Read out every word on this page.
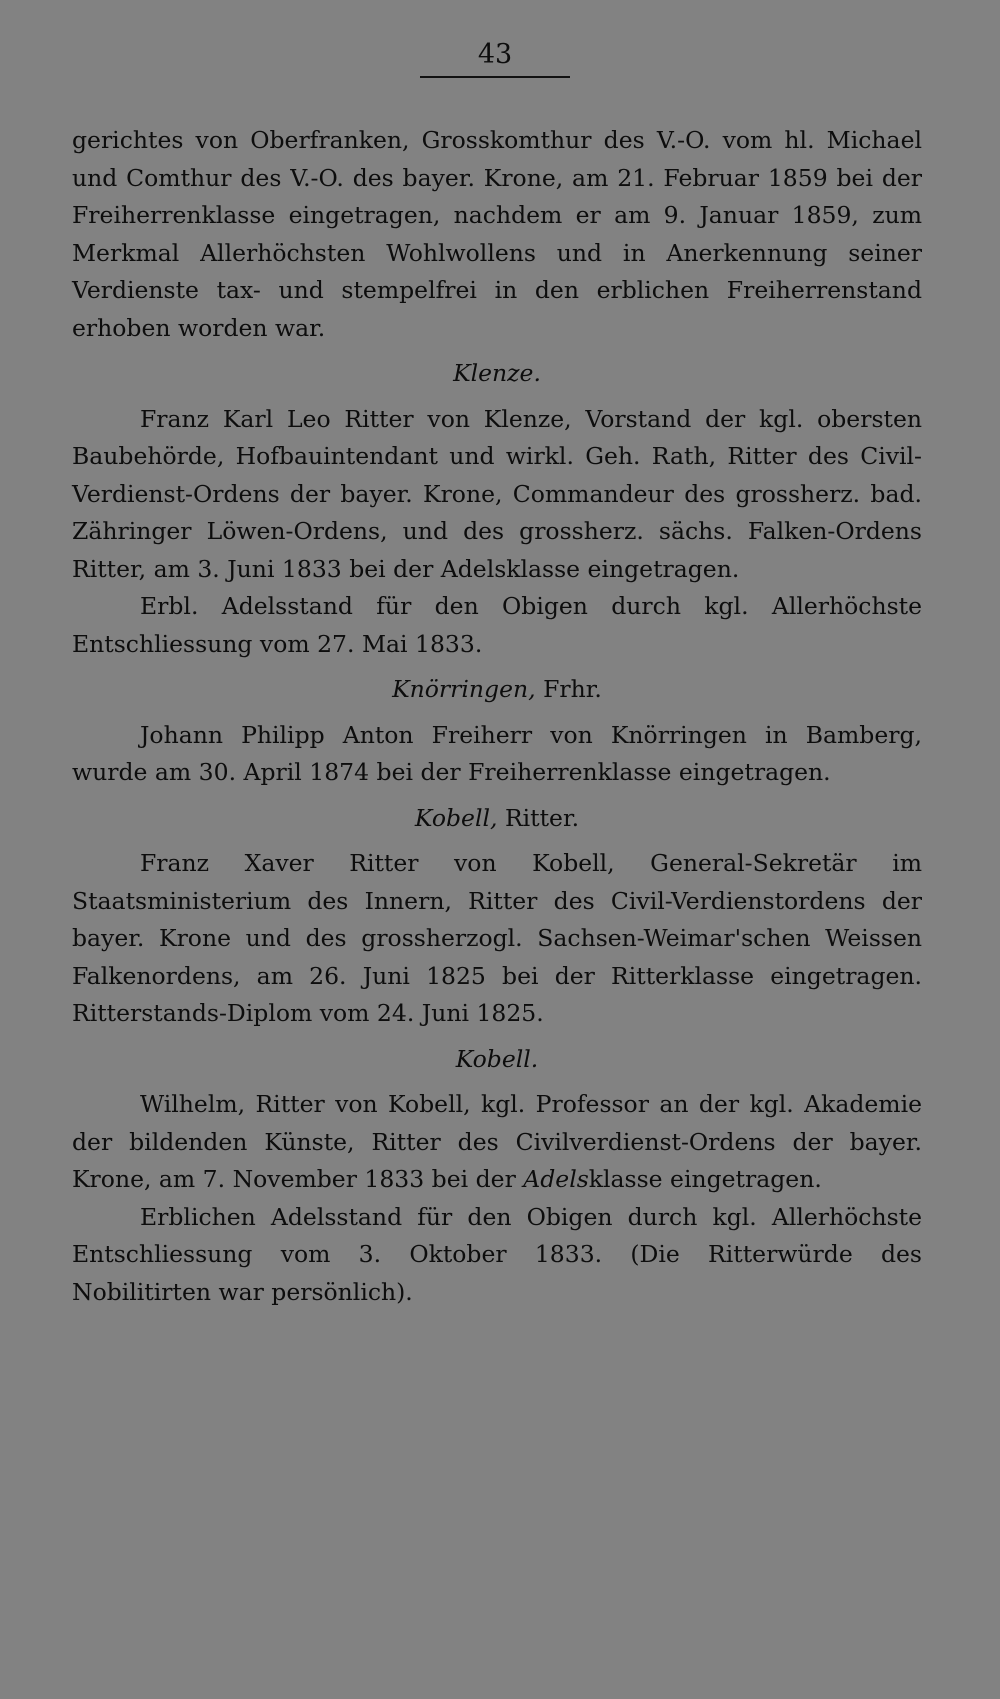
43

gerichtes von Oberfranken, Grosskomthur des V.-O. vom hl. Michael und Comthur des V.-O. des bayer. Krone, am 21. Februar 1859 bei der Freiherrenklasse eingetragen, nachdem er am 9. Januar 1859, zum Merkmal Allerhöchsten Wohlwollens und in Anerkennung seiner Verdienste tax- und stempelfrei in den erblichen Freiherrenstand erhoben worden war.

Klenze.

Franz Karl Leo Ritter von Klenze, Vorstand der kgl. obersten Baubehörde, Hofbauintendant und wirkl. Geh. Rath, Ritter des Civil-Verdienst-Ordens der bayer. Krone, Commandeur des grossherz. bad. Zähringer Löwen-Ordens, und des grossherz. sächs. Falken-Ordens Ritter, am 3. Juni 1833 bei der Adelsklasse eingetragen.

Erbl. Adelsstand für den Obigen durch kgl. Allerhöchste Entschliessung vom 27. Mai 1833.

Knörringen, Frhr.

Johann Philipp Anton Freiherr von Knörringen in Bamberg, wurde am 30. April 1874 bei der Freiherrenklasse eingetragen.

Kobell, Ritter.

Franz Xaver Ritter von Kobell, General-Sekretär im Staatsministerium des Innern, Ritter des Civil-Verdienstordens der bayer. Krone und des grossherzogl. Sachsen-Weimar'schen Weissen Falkenordens, am 26. Juni 1825 bei der Ritterklasse eingetragen. Ritterstands-Diplom vom 24. Juni 1825.

Kobell.

Wilhelm, Ritter von Kobell, kgl. Professor an der kgl. Akademie der bildenden Künste, Ritter des Civilverdienst-Ordens der bayer. Krone, am 7. November 1833 bei der Adelsklasse eingetragen.

Erblichen Adelsstand für den Obigen durch kgl. Allerhöchste Entschliessung vom 3. Oktober 1833. (Die Ritterwürde des Nobilitirten war persönlich).
